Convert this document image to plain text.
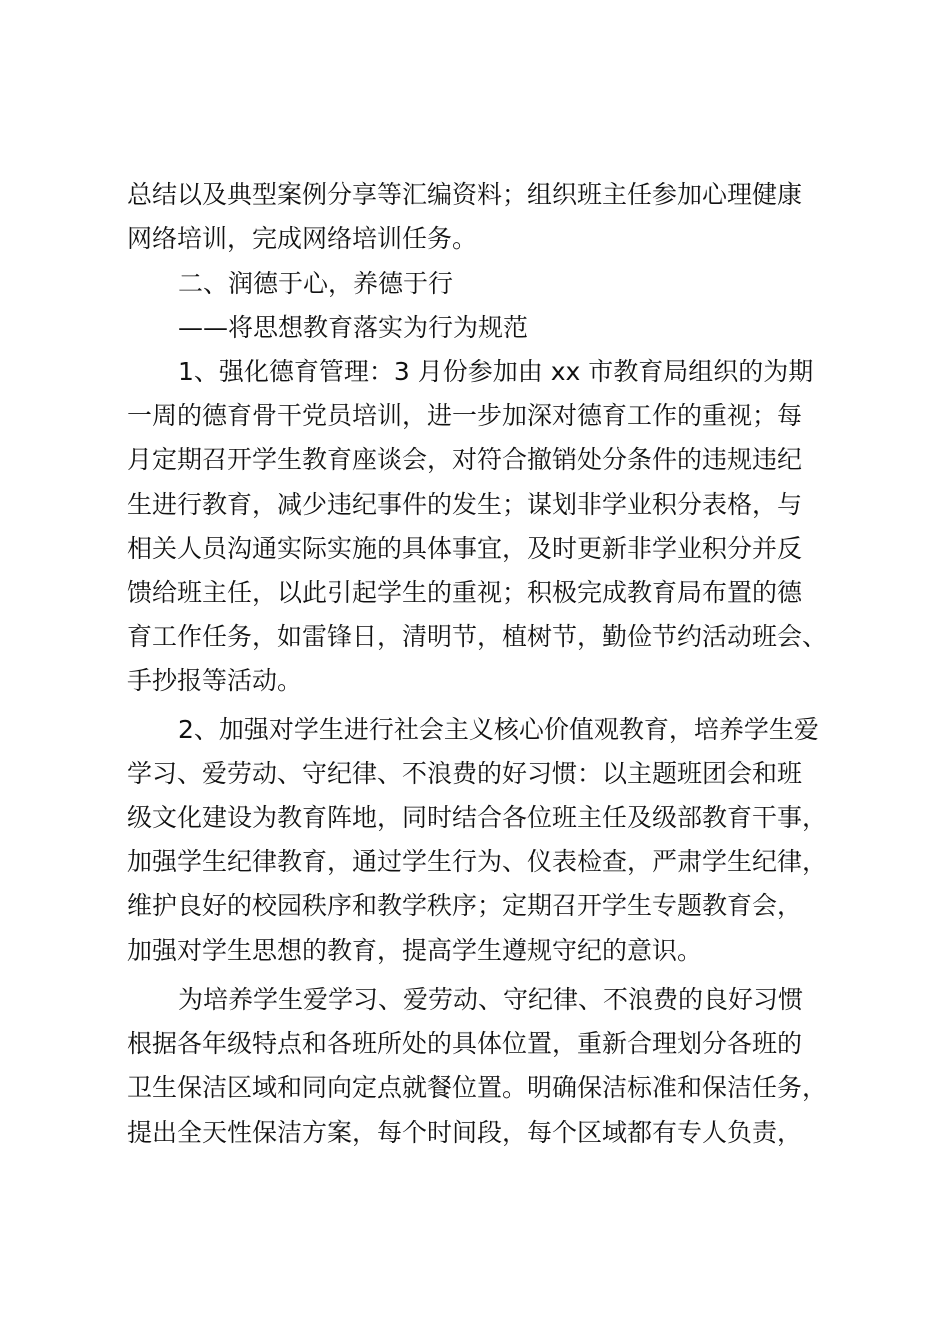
总结以及典型案例分享等汇编资料；组织班主任参加心理健康
网络培训，完成网络培训任务。
二、润德于心，养德于行
——将思想教育落实为行为规范
1、强化德育管理：3 月份参加由 xx 市教育局组织的为期
一周的德育骨干党员培训，进一步加深对德育工作的重视；每
月定期召开学生教育座谈会，对符合撤销处分条件的违规违纪
生进行教育，减少违纪事件的发生；谋划非学业积分表格，与
相关人员沟通实际实施的具体事宜，及时更新非学业积分并反
馈给班主任，以此引起学生的重视；积极完成教育局布置的德
育工作任务，如雷锋日，清明节，植树节，勤俭节约活动班会、
手抄报等活动。
2、加强对学生进行社会主义核心价值观教育，培养学生爱
学习、爱劳动、守纪律、不浪费的好习惯：以主题班团会和班
级文化建设为教育阵地，同时结合各位班主任及级部教育干事，
加强学生纪律教育，通过学生行为、仪表检查，严肃学生纪律，
维护良好的校园秩序和教学秩序；定期召开学生专题教育会，
加强对学生思想的教育，提高学生遵规守纪的意识。
为培养学生爱学习、爱劳动、守纪律、不浪费的良好习惯
根据各年级特点和各班所处的具体位置，重新合理划分各班的
卫生保洁区域和同向定点就餐位置。明确保洁标准和保洁任务，
提出全天性保洁方案，每个时间段，每个区域都有专人负责，
